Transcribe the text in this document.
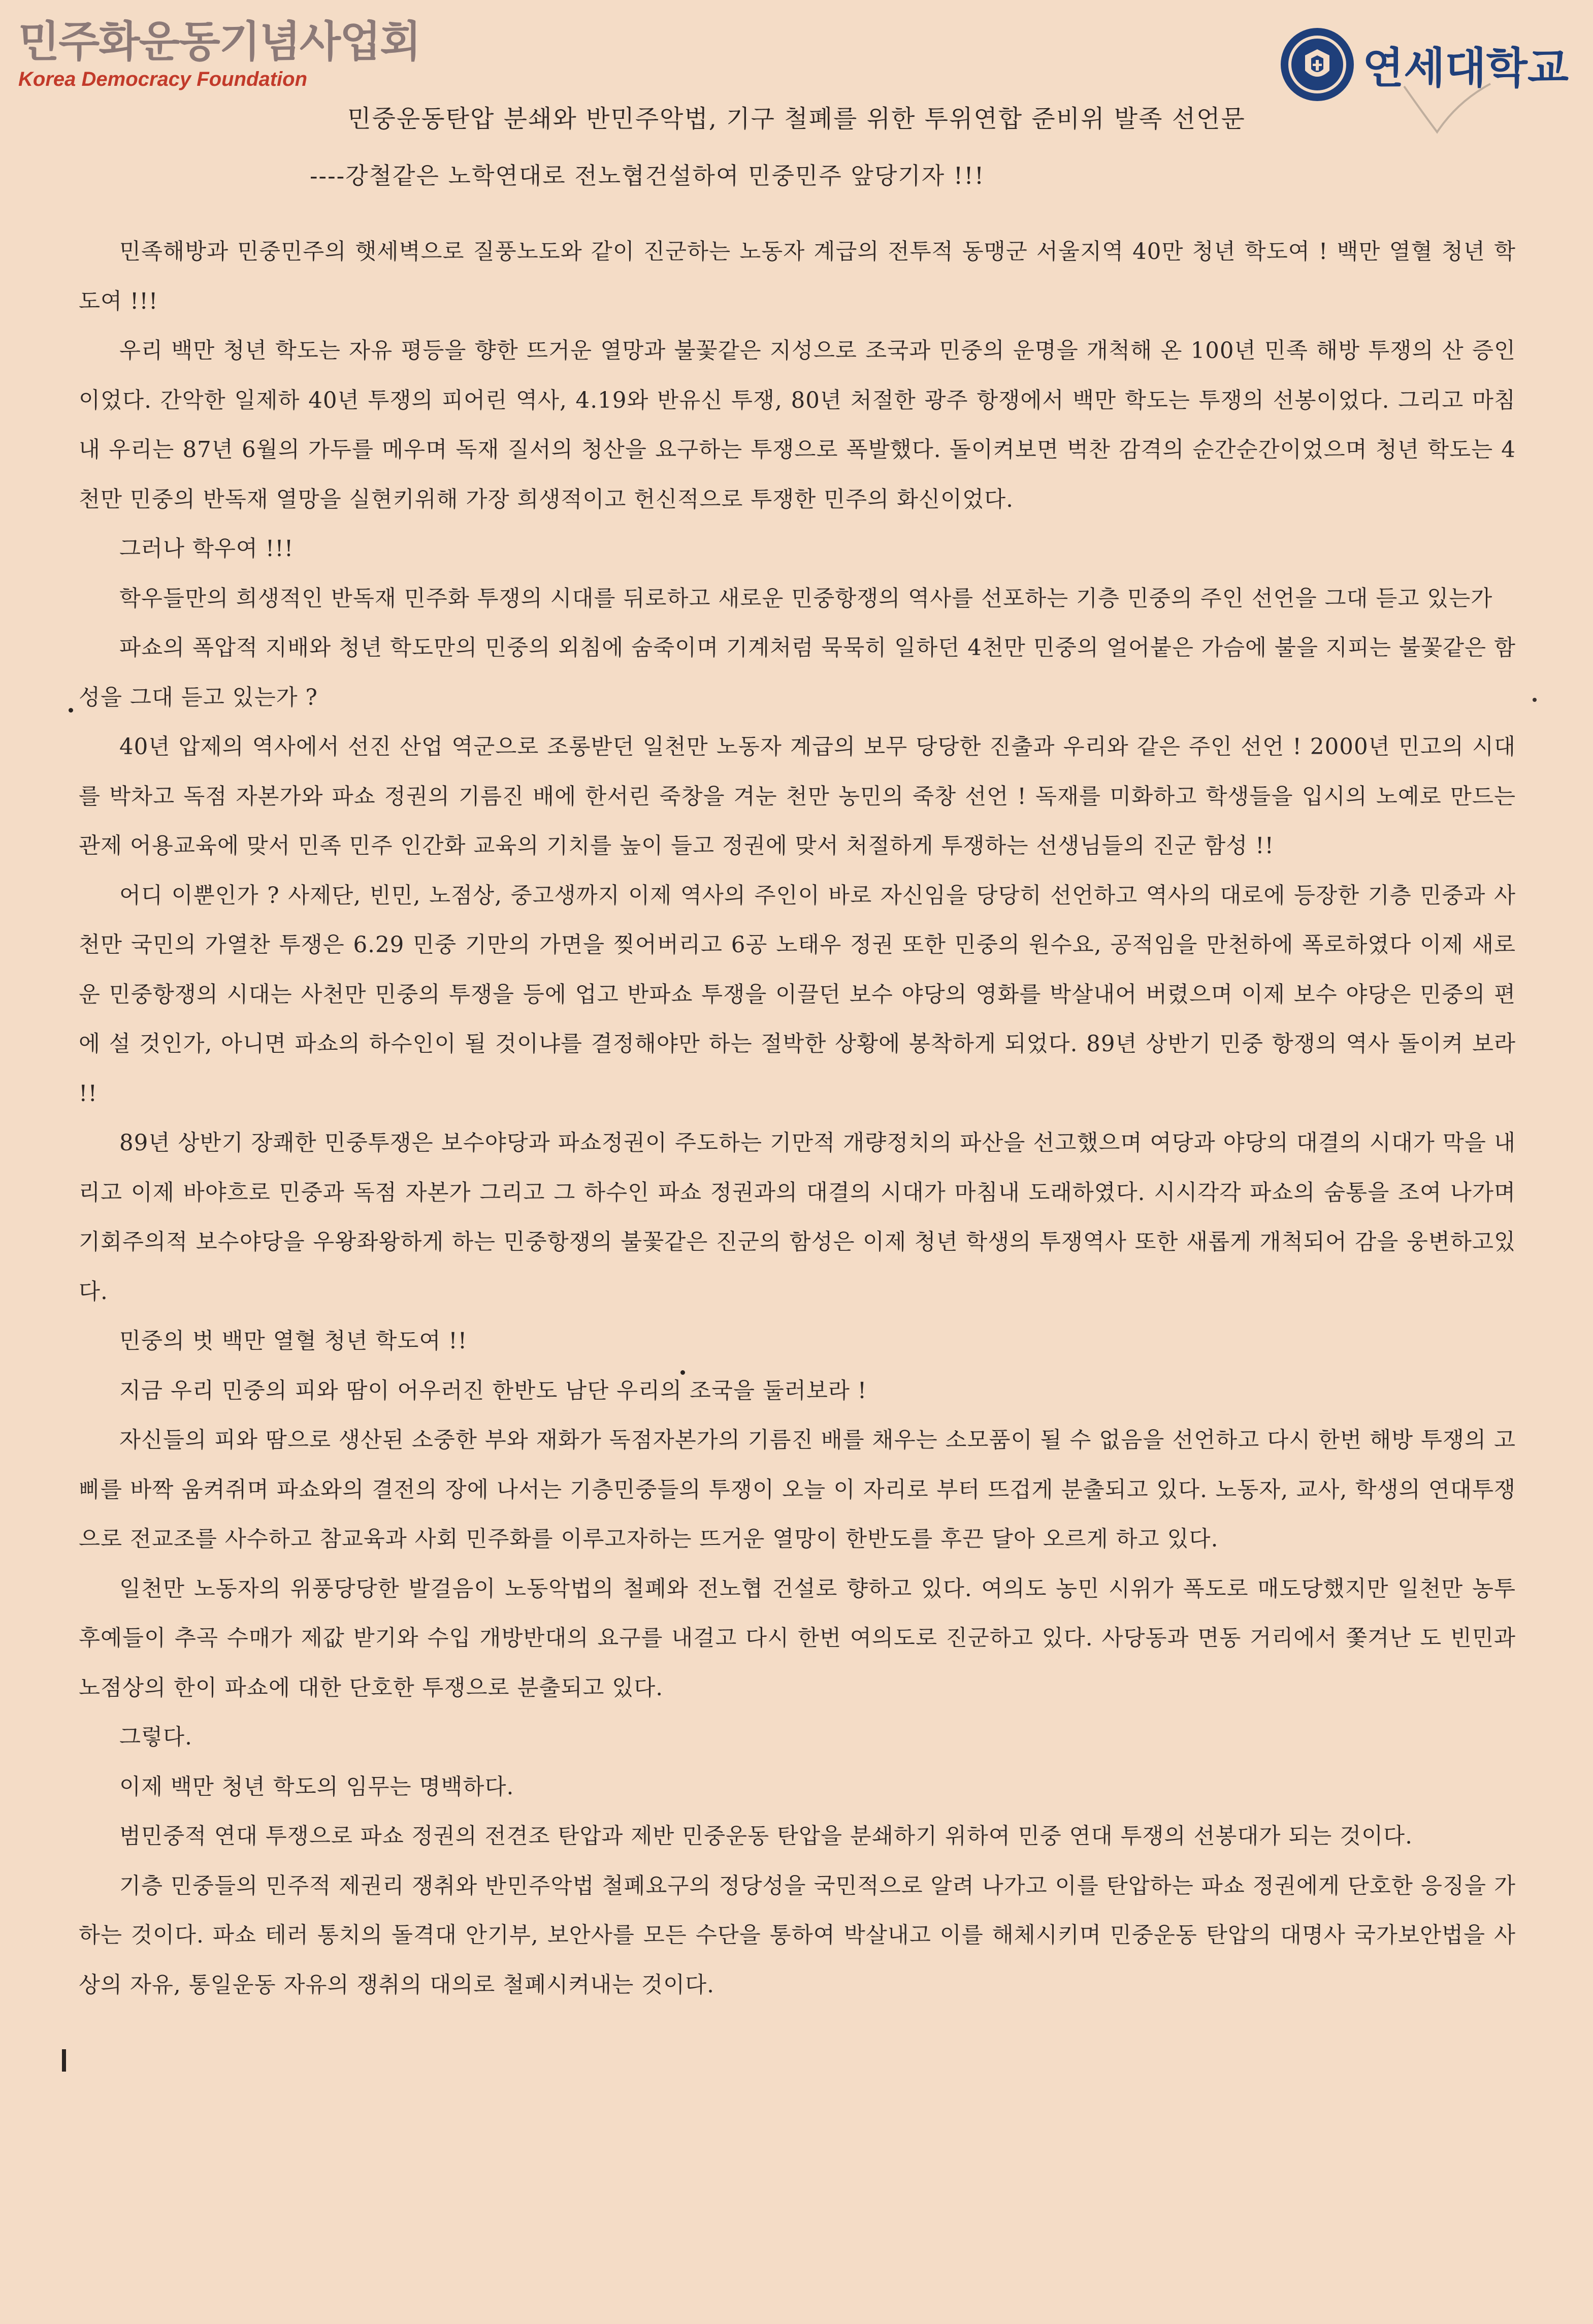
민주화운동기념사업회
Korea Democracy Foundation	연세대학교
민중운동탄압 분쇄와 반민주악법, 기구 철폐를 위한 투위연합 준비위 발족 선언문
----강철같은 노학연대로 전노협건설하여 민중민주 앞당기자 !!!

민족해방과 민중민주의 햇세벽으로 질풍노도와 같이 진군하는 노동자 계급의 전투적 동맹군 서울지역 40만 청년 학도여 ! 백만 열혈 청년 학도여 !!!

우리 백만 청년 학도는 자유 평등을 향한 뜨거운 열망과 불꽃같은 지성으로 조국과 민중의 운명을 개척해 온 100년 민족 해방 투쟁의 산 증인이었다. 간악한 일제하 40년 투쟁의 피어린 역사, 4.19와 반유신 투쟁, 80년 처절한 광주 항쟁에서 백만 학도는 투쟁의 선봉이었다. 그리고 마침내 우리는 87년 6월의 가두를 메우며 독재 질서의 청산을 요구하는 투쟁으로 폭발했다. 돌이켜보면 벅찬 감격의 순간순간이었으며 청년 학도는 4천만 민중의 반독재 열망을 실현키위해 가장 희생적이고 헌신적으로 투쟁한 민주의 화신이었다.

그러나 학우여 !!!

학우들만의 희생적인 반독재 민주화 투쟁의 시대를 뒤로하고 새로운 민중항쟁의 역사를 선포하는 기층 민중의 주인 선언을 그대 듣고 있는가

파쇼의 폭압적 지배와 청년 학도만의 민중의 외침에 숨죽이며 기계처럼 묵묵히 일하던 4천만 민중의 얼어붙은 가슴에 불을 지피는 불꽃같은 함성을 그대 듣고 있는가 ?

40년 압제의 역사에서 선진 산업 역군으로 조롱받던 일천만 노동자 계급의 보무 당당한 진출과 우리와 같은 주인 선언 ! 2000년 민고의 시대를 박차고 독점 자본가와 파쇼 정권의 기름진 배에 한서린 죽창을 겨눈 천만 농민의 죽창 선언 ! 독재를 미화하고 학생들을 입시의 노예로 만드는 관제 어용교육에 맞서 민족 민주 인간화 교육의 기치를 높이 들고 정권에 맞서 처절하게 투쟁하는 선생님들의 진군 함성 !!

어디 이뿐인가 ? 사제단, 빈민, 노점상, 중고생까지 이제 역사의 주인이 바로 자신임을 당당히 선언하고 역사의 대로에 등장한 기층 민중과 사천만 국민의 가열찬 투쟁은 6.29 민중 기만의 가면을 찢어버리고 6공 노태우 정권 또한 민중의 원수요, 공적임을 만천하에 폭로하였다 이제 새로운 민중항쟁의 시대는 사천만 민중의 투쟁을 등에 업고 반파쇼 투쟁을 이끌던 보수 야당의 영화를 박살내어 버렸으며 이제 보수 야당은 민중의 편에 설 것인가, 아니면 파쇼의 하수인이 될 것이냐를 결정해야만 하는 절박한 상황에 봉착하게 되었다. 89년 상반기 민중 항쟁의 역사 돌이켜 보라 !!

89년 상반기 장쾌한 민중투쟁은 보수야당과 파쇼정권이 주도하는 기만적 개량정치의 파산을 선고했으며 여당과 야당의 대결의 시대가 막을 내리고 이제 바야흐로 민중과 독점 자본가 그리고 그 하수인 파쇼 정권과의 대결의 시대가 마침내 도래하였다. 시시각각 파쇼의 숨통을 조여 나가며 기회주의적 보수야당을 우왕좌왕하게 하는 민중항쟁의 불꽃같은 진군의 함성은 이제 청년 학생의 투쟁역사 또한 새롭게 개척되어 감을 웅변하고있다.

민중의 벗 백만 열혈 청년 학도여 !!

지금 우리 민중의 피와 땀이 어우러진 한반도 남단 우리의 조국을 둘러보라 !

자신들의 피와 땀으로 생산된 소중한 부와 재화가 독점자본가의 기름진 배를 채우는 소모품이 될 수 없음을 선언하고 다시 한번 해방 투쟁의 고삐를 바짝 움켜쥐며 파쇼와의 결전의 장에 나서는 기층민중들의 투쟁이 오늘 이 자리로 부터 뜨겁게 분출되고 있다. 노동자, 교사, 학생의 연대투쟁으로 전교조를 사수하고 참교육과 사회 민주화를 이루고자하는 뜨거운 열망이 한반도를 후끈 달아 오르게 하고 있다.

일천만 노동자의 위풍당당한 발걸음이 노동악법의 철폐와 전노협 건설로 향하고 있다. 여의도 농민 시위가 폭도로 매도당했지만 일천만 농투 후예들이 추곡 수매가 제값 받기와 수입 개방반대의 요구를 내걸고 다시 한번 여의도로 진군하고 있다. 사당동과 면동 거리에서 쫓겨난 도 빈민과 노점상의 한이 파쇼에 대한 단호한 투쟁으로 분출되고 있다.

그렇다.

이제 백만 청년 학도의 임무는 명백하다.

범민중적 연대 투쟁으로 파쇼 정권의 전견조 탄압과 제반 민중운동 탄압을 분쇄하기 위하여 민중 연대 투쟁의 선봉대가 되는 것이다.

기층 민중들의 민주적 제권리 쟁취와 반민주악법 철폐요구의 정당성을 국민적으로 알려 나가고 이를 탄압하는 파쇼 정권에게 단호한 응징을 가하는 것이다. 파쇼 테러 통치의 돌격대 안기부, 보안사를 모든 수단을 통하여 박살내고 이를 해체시키며 민중운동 탄압의 대명사 국가보안법을 사상의 자유, 통일운동 자유의 쟁취의 대의로 철폐시켜내는 것이다.
